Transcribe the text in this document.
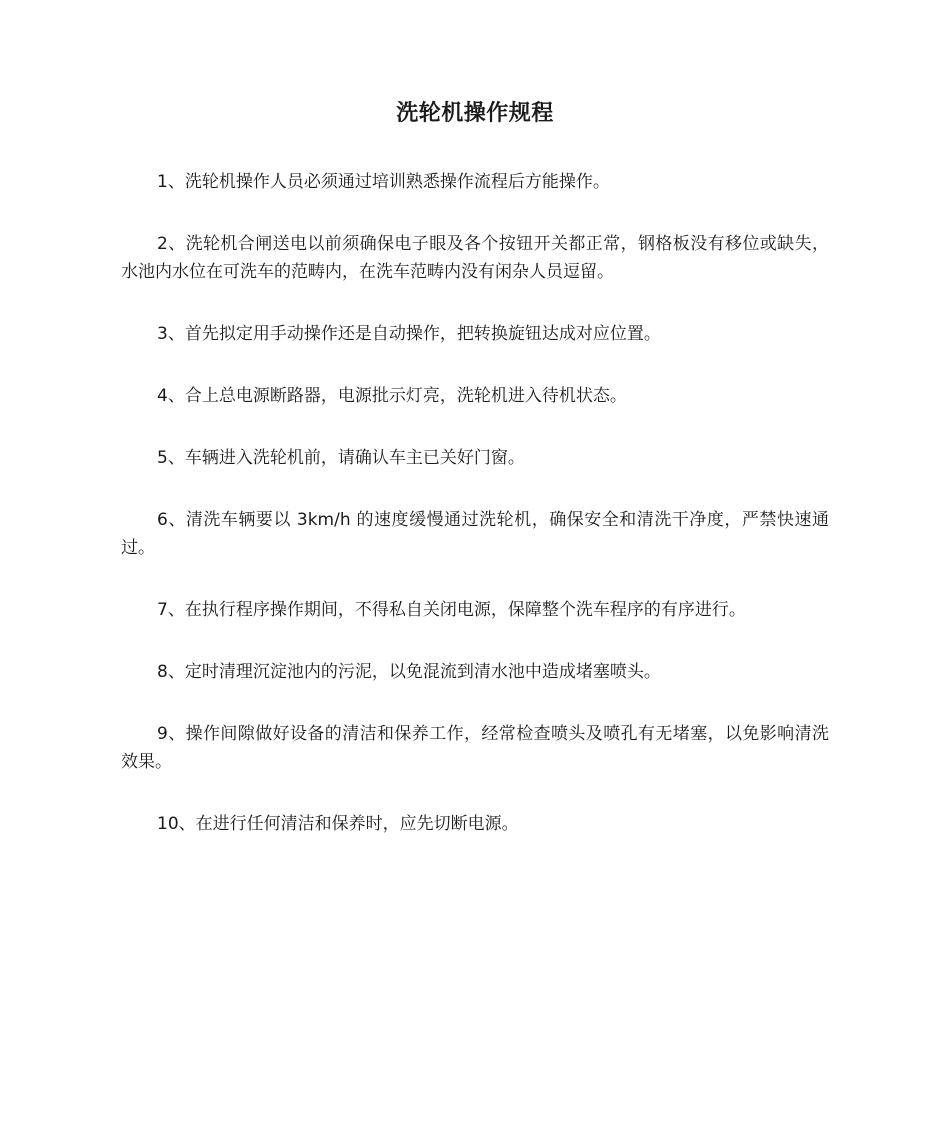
洗轮机操作规程

1、洗轮机操作人员必须通过培训熟悉操作流程后方能操作。

2、洗轮机合闸送电以前须确保电子眼及各个按钮开关都正常，钢格板没有移位或缺失，水池内水位在可洗车的范畴内，在洗车范畴内没有闲杂人员逗留。

3、首先拟定用手动操作还是自动操作，把转换旋钮达成对应位置。

4、合上总电源断路器，电源批示灯亮，洗轮机进入待机状态。

5、车辆进入洗轮机前，请确认车主已关好门窗。

6、清洗车辆要以 3km/h 的速度缓慢通过洗轮机，确保安全和清洗干净度，严禁快速通过。

7、在执行程序操作期间，不得私自关闭电源，保障整个洗车程序的有序进行。

8、定时清理沉淀池内的污泥，以免混流到清水池中造成堵塞喷头。

9、操作间隙做好设备的清洁和保养工作，经常检查喷头及喷孔有无堵塞，以免影响清洗效果。

10、在进行任何清洁和保养时，应先切断电源。
